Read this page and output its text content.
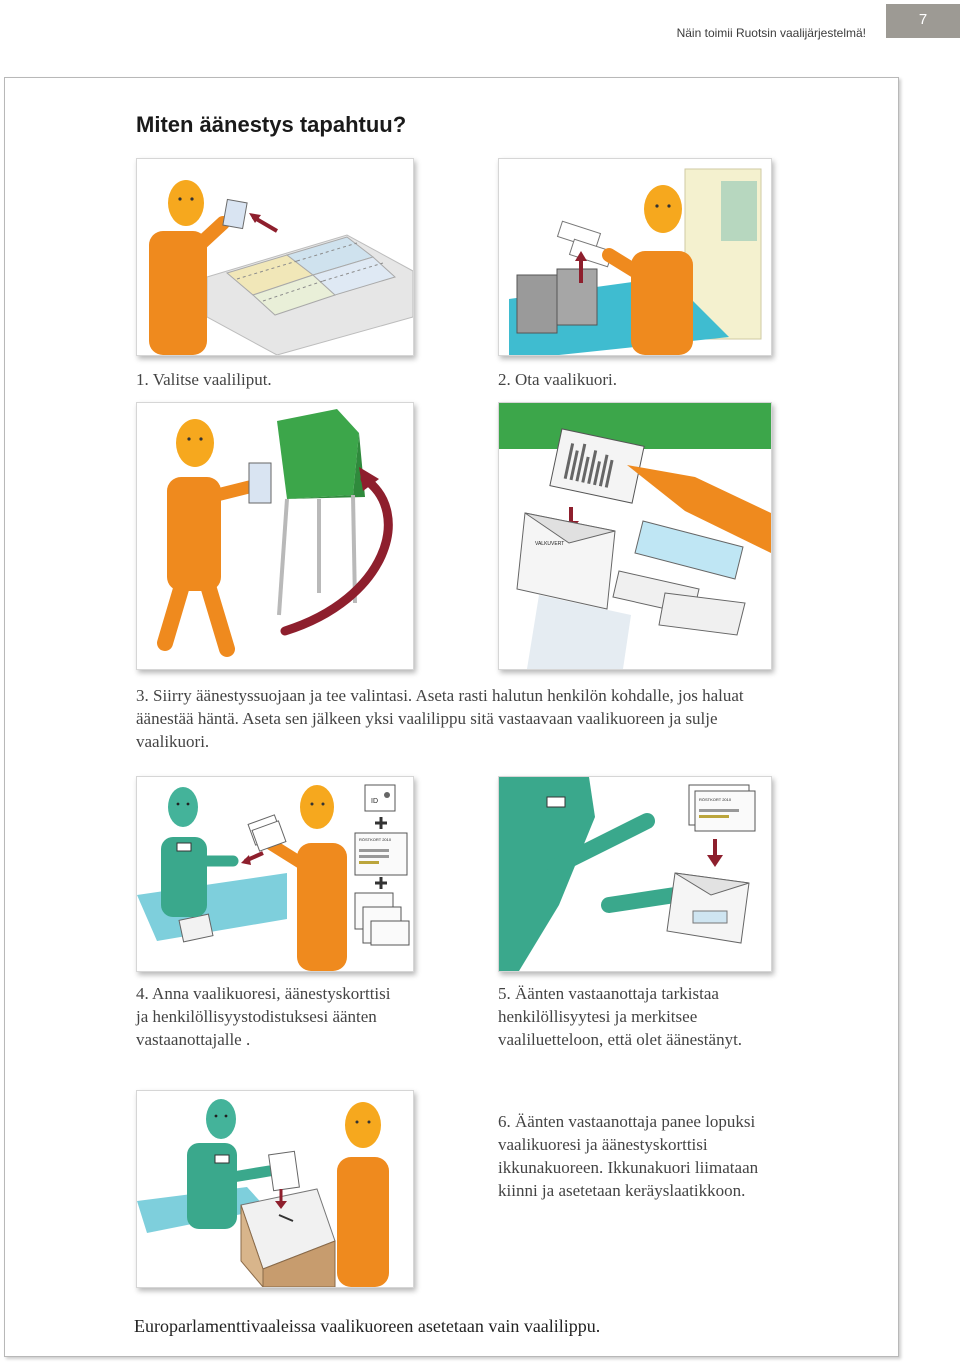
Näin toimii Ruotsin vaalijärjestelmä!
7
Miten äänestys tapahtuu?

1. Valitse vaaliliput.	2. Ota vaalikuori.

VALKUVERT

3. Siirry äänestyssuojaan ja tee valintasi. Aseta rasti halutun henkilön kohdalle, jos haluat äänestää häntä. Aseta sen jälkeen yksi vaalilippu sitä vastaavaan vaalikuoreen ja sulje vaalikuori.

ID
RÖSTKORT 2010
RÖSTKORT 2010

4. Anna vaalikuoresi, äänestyskorttisi ja henkilöllisyystodistuksesi äänten vastaanottajalle .

5. Äänten vastaanottaja tarkistaa henkilöllisyytesi ja merkitsee vaaliluetteloon, että olet äänestänyt.

6. Äänten vastaanottaja panee lopuksi vaalikuoresi ja äänestyskorttisi ikkunakuoreen. Ikkunakuori liimataan kiinni ja asetetaan keräyslaatikkoon.

Europarlamenttivaaleissa vaalikuoreen asetetaan vain vaalilippu.
